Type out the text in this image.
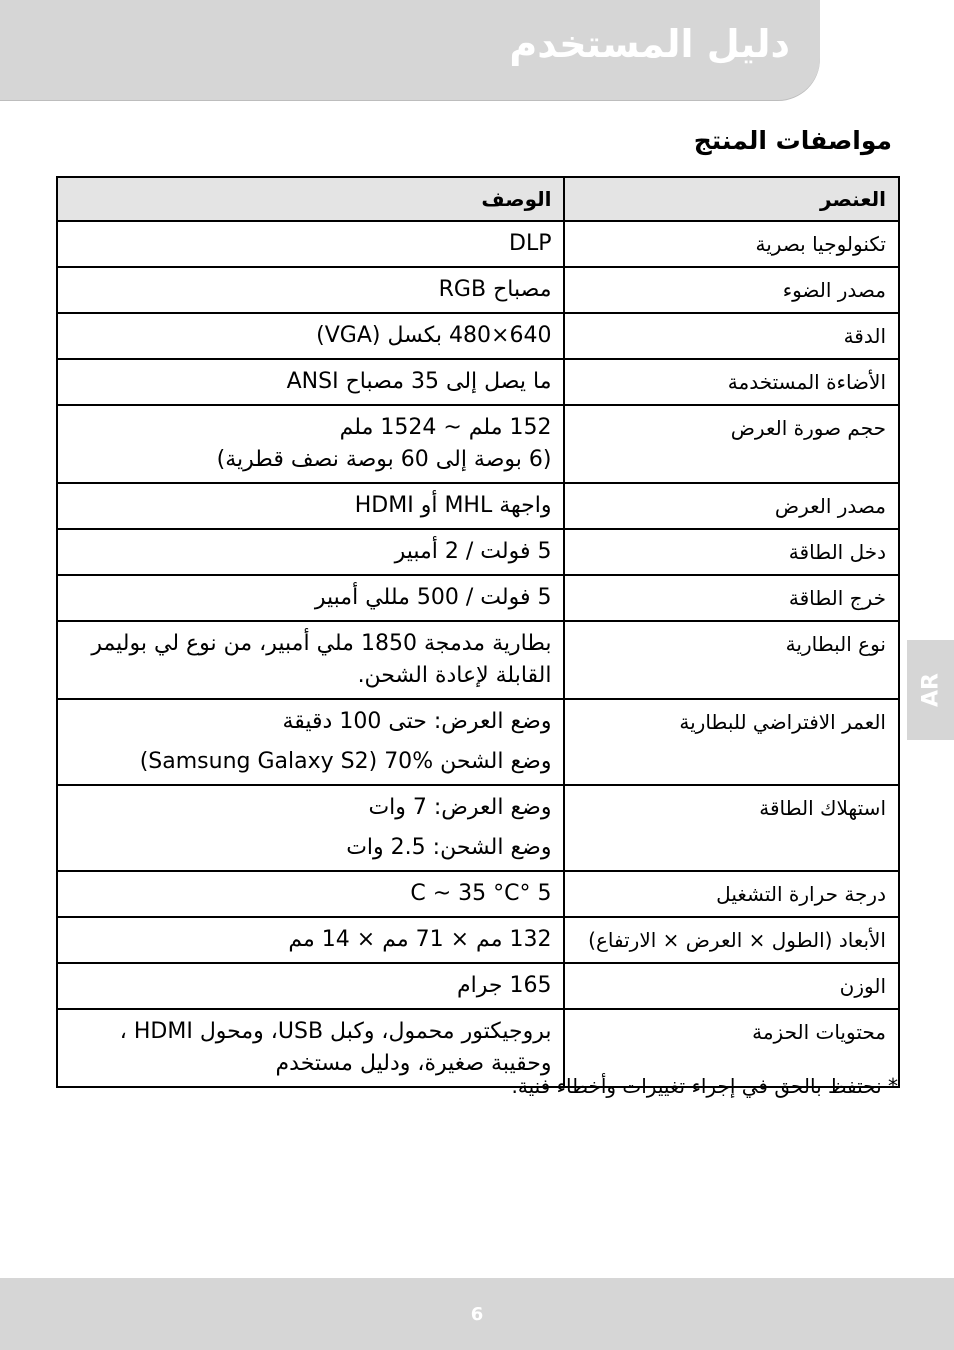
دليل المستخدم
مواصفات المنتج
العنصر	الوصف
تكنولوجيا بصرية	DLP

مصدر الضوء	مصباح RGB

الدقة	640×480 بكسل (VGA)

الأضاءة المستخدمة	ما يصل إلى 35 مصباح ANSI

حجم صورة العرض	152 ملم ~ 1524 ملم
(6 بوصة إلى 60 بوصة نصف قطرية)

مصدر العرض	واجهة MHL أو HDMI

دخل الطاقة	5 فولت / 2 أمبير

خرج الطاقة	5 فولت / 500 مللي أمبير

نوع البطارية	بطارية مدمجة 1850 ملي أمبير، من نوع لي بوليمر
القابلة لإعادة الشحن.

العمر الافتراضي للبطارية	وضع العرض: حتى 100 دقيقة
وضع الشحن %70 (Samsung Galaxy S2)

استهلاك الطاقة	وضع العرض: 7 وات
وضع الشحن: 2.5 وات

درجة حرارة التشغيل	5 °C ~ 35 °C

الأبعاد (الطول × العرض × الارتفاع)	132 مم × 71 مم × 14 مم

الوزن	165 جرام

محتويات الحزمة	بروجيكتور محمول، وكبل USB، ومحول HDMI ،
وحقيبة صغيرة، ودليل مستخدم
* نحتفظ بالحق في إجراء تغييرات وأخطاء فنية.
AR
6
